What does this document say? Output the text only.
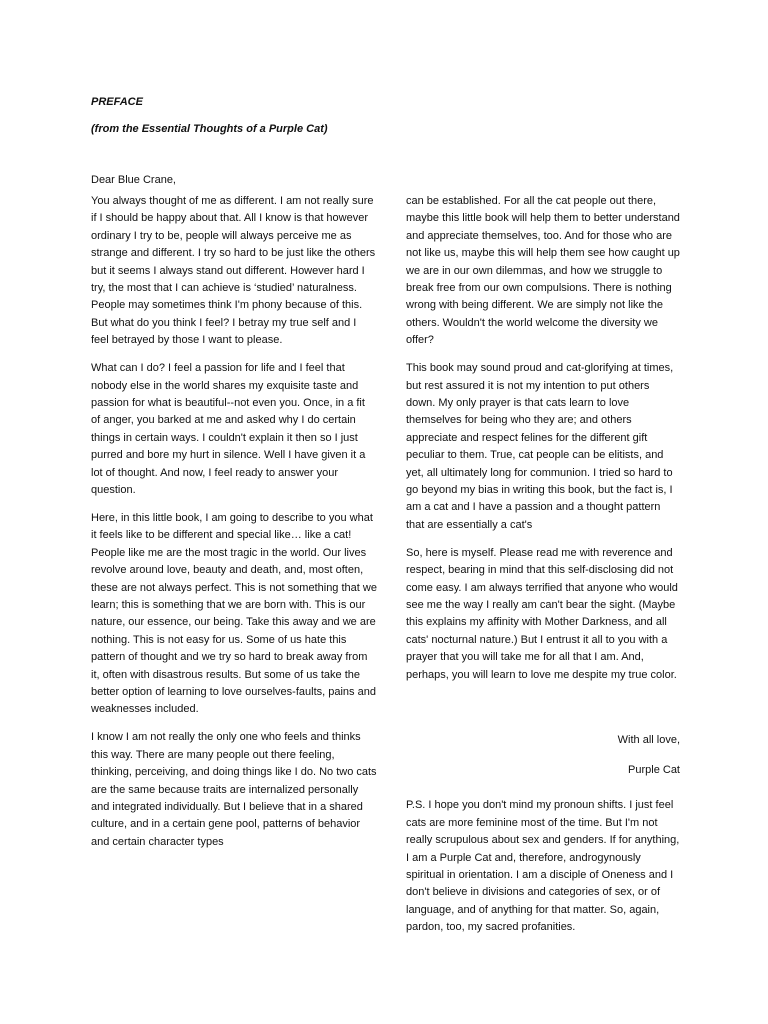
PREFACE

(from the Essential Thoughts of a Purple Cat)

Dear Blue Crane,

You always thought of me as different. I am not really sure if I should be happy about that. All I know is that however ordinary I try to be, people will always perceive me as strange and different. I try so hard to be just like the others but it seems I always stand out different. However hard I try, the most that I can achieve is ‘studied’ naturalness. People may sometimes think I'm phony because of this. But what do you think I feel? I betray my true self and I feel betrayed by those I want to please.

What can I do? I feel a passion for life and I feel that nobody else in the world shares my exquisite taste and passion for what is beautiful--not even you. Once, in a fit of anger, you barked at me and asked why I do certain things in certain ways. I couldn't explain it then so I just purred and bore my hurt in silence. Well I have given it a lot of thought. And now, I feel ready to answer your question.

Here, in this little book, I am going to describe to you what it feels like to be different and special like… like a cat! People like me are the most tragic in the world. Our lives revolve around love, beauty and death, and, most often, these are not always perfect. This is not something that we learn; this is something that we are born with. This is our nature, our essence, our being. Take this away and we are nothing. This is not easy for us. Some of us hate this pattern of thought and we try so hard to break away from it, often with disastrous results. But some of us take the better option of learning to love ourselves-faults, pains and weaknesses included.

I know I am not really the only one who feels and thinks this way. There are many people out there feeling, thinking, perceiving, and doing things like I do. No two cats are the same because traits are internalized personally and integrated individually. But I believe that in a shared culture, and in a certain gene pool, patterns of behavior and certain character types

can be established. For all the cat people out there, maybe this little book will help them to better understand and appreciate themselves, too. And for those who are not like us, maybe this will help them see how caught up we are in our own dilemmas, and how we struggle to break free from our own compulsions. There is nothing wrong with being different. We are simply not like the others. Wouldn't the world welcome the diversity we offer?

This book may sound proud and cat-glorifying at times, but rest assured it is not my intention to put others down. My only prayer is that cats learn to love themselves for being who they are; and others appreciate and respect felines for the different gift peculiar to them. True, cat people can be elitists, and yet, all ultimately long for communion. I tried so hard to go beyond my bias in writing this book, but the fact is, I am a cat and I have a passion and a thought pattern that are essentially a cat's

So, here is myself. Please read me with reverence and respect, bearing in mind that this self-disclosing did not come easy. I am always terrified that anyone who would see me the way I really am can't bear the sight. (Maybe this explains my affinity with Mother Darkness, and all cats' nocturnal nature.) But I entrust it all to you with a prayer that you will take me for all that I am. And, perhaps, you will learn to love me despite my true color.

With all love,

Purple Cat

P.S. I hope you don't mind my pronoun shifts. I just feel cats are more feminine most of the time. But I'm not really scrupulous about sex and genders. If for anything, I am a Purple Cat and, therefore, androgynously spiritual in orientation. I am a disciple of Oneness and I don't believe in divisions and categories of sex, or of language, and of anything for that matter. So, again, pardon, too, my sacred profanities.
